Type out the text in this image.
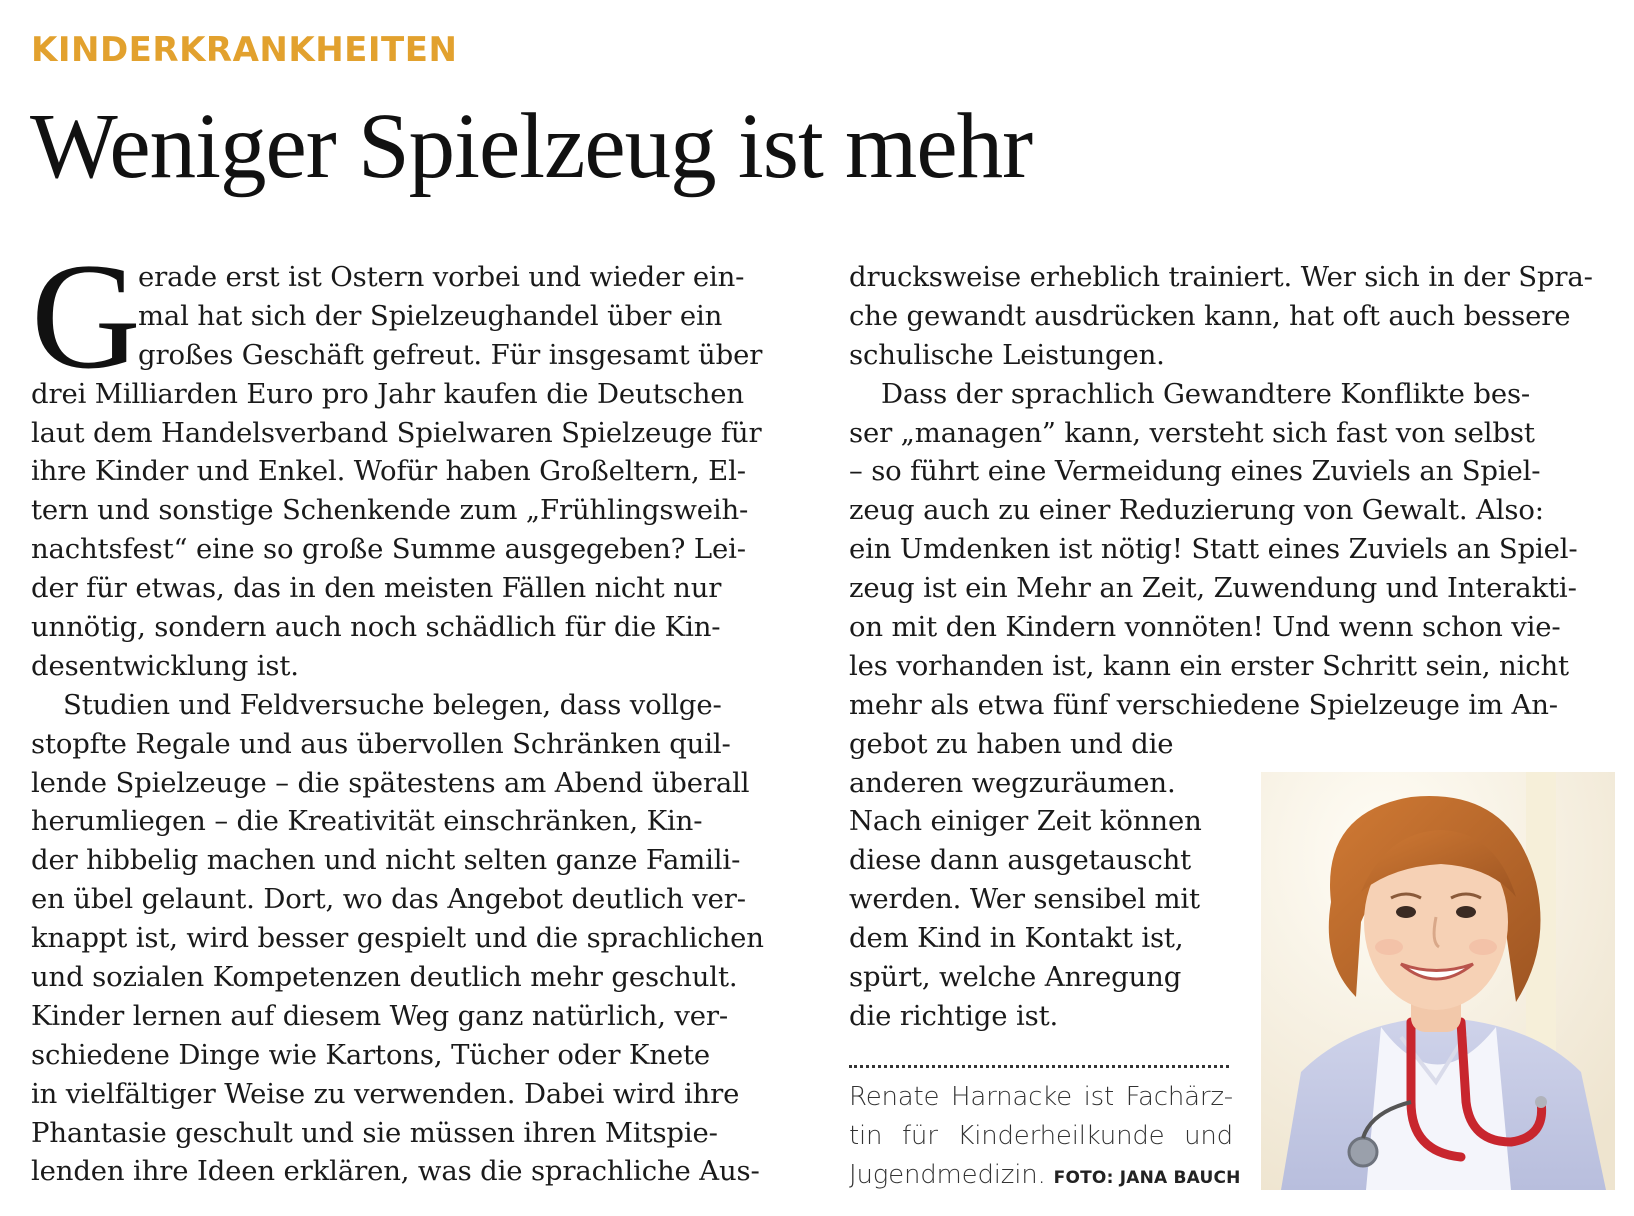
KINDERKRANKHEITEN
Weniger Spielzeug ist mehr
G
erade erst ist Ostern vorbei und wieder ein-
mal hat sich der Spielzeughandel über ein
großes Geschäft gefreut. Für insgesamt über
drei Milliarden Euro pro Jahr kaufen die Deutschen
laut dem Handelsverband Spielwaren Spielzeuge für
ihre Kinder und Enkel. Wofür haben Großeltern, El-
tern und sonstige Schenkende zum „Frühlingsweih-
nachtsfest“ eine so große Summe ausgegeben? Lei-
der für etwas, das in den meisten Fällen nicht nur
unnötig, sondern auch noch schädlich für die Kin-
desentwicklung ist.
Studien und Feldversuche belegen, dass vollge-
stopfte Regale und aus übervollen Schränken quil-
lende Spielzeuge – die spätestens am Abend überall
herumliegen – die Kreativität einschränken, Kin-
der hibbelig machen und nicht selten ganze Famili-
en übel gelaunt. Dort, wo das Angebot deutlich ver-
knappt ist, wird besser gespielt und die sprachlichen
und sozialen Kompetenzen deutlich mehr geschult.
Kinder lernen auf diesem Weg ganz natürlich, ver-
schiedene Dinge wie Kartons, Tücher oder Knete
in vielfältiger Weise zu verwenden. Dabei wird ihre
Phantasie geschult und sie müssen ihren Mitspie-
lenden ihre Ideen erklären, was die sprachliche Aus-
drucksweise erheblich trainiert. Wer sich in der Spra-
che gewandt ausdrücken kann, hat oft auch bessere
schulische Leistungen.
Dass der sprachlich Gewandtere Konflikte bes-
ser „managen” kann, versteht sich fast von selbst
– so führt eine Vermeidung eines Zuviels an Spiel-
zeug auch zu einer Reduzierung von Gewalt. Also:
ein Umdenken ist nötig! Statt eines Zuviels an Spiel-
zeug ist ein Mehr an Zeit, Zuwendung und Interakti-
on mit den Kindern vonnöten! Und wenn schon vie-
les vorhanden ist, kann ein erster Schritt sein, nicht
mehr als etwa fünf verschiedene Spielzeuge im An-
gebot zu haben und die
anderen wegzuräumen.
Nach einiger Zeit können
diese dann ausgetauscht
werden. Wer sensibel mit
dem Kind in Kontakt ist,
spürt, welche Anregung
die richtige ist.
Renate Harnacke ist Fachärz-
tin für Kinderheilkunde und
Jugendmedizin. FOTO: JANA BAUCH
